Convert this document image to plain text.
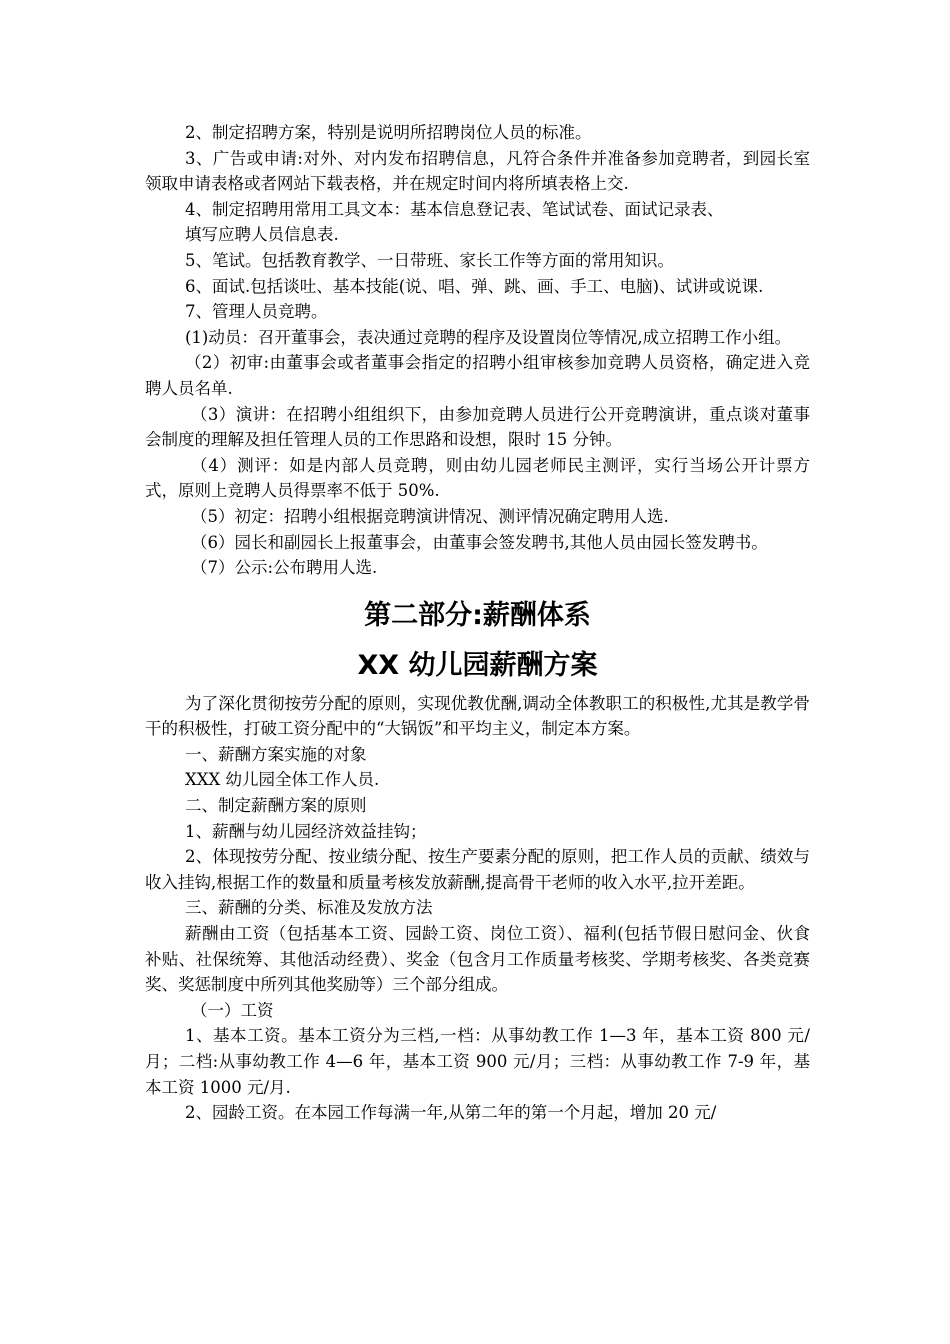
2、制定招聘方案，特别是说明所招聘岗位人员的标准。

3、广告或申请:对外、对内发布招聘信息，凡符合条件并准备参加竞聘者，到园长室领取申请表格或者网站下载表格，并在规定时间内将所填表格上交.

4、制定招聘用常用工具文本：基本信息登记表、笔试试卷、面试记录表、

填写应聘人员信息表.

5、笔试。包括教育教学、一日带班、家长工作等方面的常用知识。

6、面试.包括谈吐、基本技能(说、唱、弹、跳、画、手工、电脑)、试讲或说课.

7、管理人员竞聘。

(1)动员：召开董事会，表决通过竞聘的程序及设置岗位等情况,成立招聘工作小组。

（2）初审:由董事会或者董事会指定的招聘小组审核参加竞聘人员资格，确定进入竞聘人员名单.

（3）演讲：在招聘小组组织下，由参加竞聘人员进行公开竞聘演讲，重点谈对董事会制度的理解及担任管理人员的工作思路和设想，限时 15 分钟。

（4）测评：如是内部人员竞聘，则由幼儿园老师民主测评，实行当场公开计票方式，原则上竞聘人员得票率不低于 50%.

（5）初定：招聘小组根据竞聘演讲情况、测评情况确定聘用人选.

（6）园长和副园长上报董事会，由董事会签发聘书,其他人员由园长签发聘书。

（7）公示:公布聘用人选.

第二部分:薪酬体系
XX 幼儿园薪酬方案

为了深化贯彻按劳分配的原则，实现优教优酬,调动全体教职工的积极性,尤其是教学骨干的积极性，打破工资分配中的“大锅饭”和平均主义，制定本方案。

一、薪酬方案实施的对象

XXX 幼儿园全体工作人员.

二、制定薪酬方案的原则

1、薪酬与幼儿园经济效益挂钩；

2、体现按劳分配、按业绩分配、按生产要素分配的原则，把工作人员的贡献、绩效与收入挂钩,根据工作的数量和质量考核发放薪酬,提高骨干老师的收入水平,拉开差距。

三、薪酬的分类、标准及发放方法

薪酬由工资（包括基本工资、园龄工资、岗位工资）、福利(包括节假日慰问金、伙食补贴、社保统筹、其他活动经费）、奖金（包含月工作质量考核奖、学期考核奖、各类竞赛奖、奖惩制度中所列其他奖励等）三个部分组成。

（一）工资

1、基本工资。基本工资分为三档,一档：从事幼教工作 1—3 年，基本工资 800 元/月；二档:从事幼教工作 4—6 年，基本工资 900 元/月；三档：从事幼教工作 7-9 年，基本工资 1000 元/月.

2、园龄工资。在本园工作每满一年,从第二年的第一个月起，增加 20 元/
